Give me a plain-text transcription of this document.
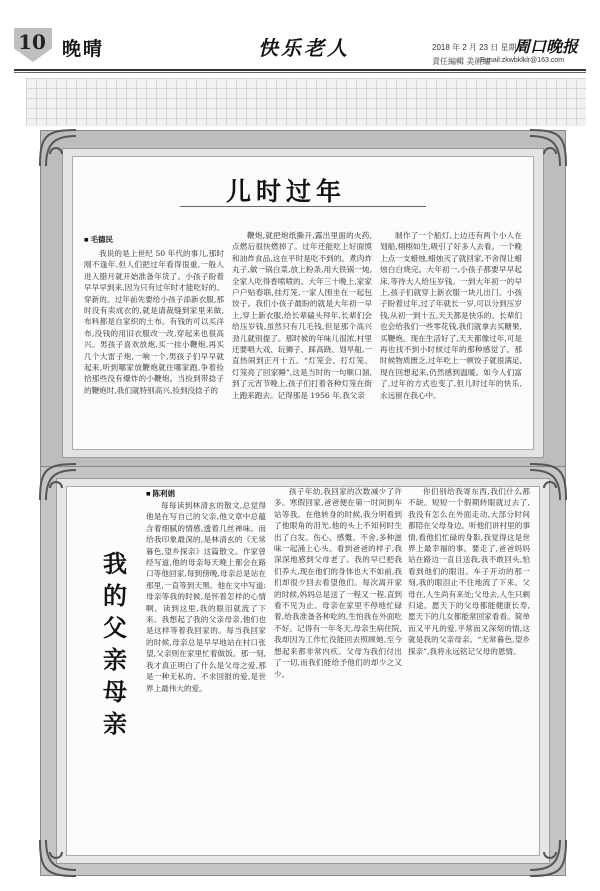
10 晚晴	快乐老人	2018 年 2 月 23 日 星期五
責任編輯 美術編
周口晚报
E-mail:zkwbklklr@163.com
儿时过年
■ 毛德民

我说的是上世纪 50 年代的事儿,那时刚不逢年,但人们把过年看得很重,一般人进入腊月就开始准备年货了。小孩子盼着早早早到来,因为只有过年时才能吃好的、穿新的。过年前先要给小孩子添新衣服,那时没有卖成衣的,就是请裁缝到家里来做,布料都是自家织的土布。有钱的可以买洋布,没钱的用旧衣服改一改,穿起来也很高兴。男孩子喜欢放炮,买一挂小鞭炮,再买几个大雷子炮,一响一个,男孩子们早早就起来,听到哪家放鞭炮就往哪家跑,争着捡拾那些没有爆炸的小鞭炮。当捡到带捻子的鞭炮时,我们就特别高兴,捡到没捻子的

鞭炮,就把炮纸撕开,露出里面的火药,点燃后很快燃掉了。过年还能吃上好面馍和油炸食品,这在平时是吃不到的。煮肉炸丸子,做一锅白菜,放上粉条,用大铁锅一炖,全家人吃得香喷喷的。大年三十晚上,家家户户贴春联,挂灯笼,一家人围坐在一起包饺子。我们小孩子最盼的就是大年初一早上,穿上新衣服,给长辈磕头拜年,长辈们会给压岁钱,虽然只有几毛钱,但是那个高兴劲儿就别提了。那时候的年味儿很浓,村里还要唱大戏、玩狮子、踩高跷、划旱船,一直热闹到正月十五。“灯笼会、打灯笼、灯笼亮了回家睡”,这是当时的一句顺口溜,到了元宵节晚上,孩子们打着各种灯笼在街上跑来跑去。记得那是 1956 年,我父亲

制作了一个船灯,上边还有两个小人在划船,栩栩如生,吸引了好多人去看。一个晚上点一支蜡烛,蜡烛灭了就回家,不舍得让蜡烛白白烧完。大年初一,小孩子都要早早起床,等待大人给压岁钱。一到大年初一的早上,孩子们就穿上新衣服一块儿出门。小孩子盼着过年,过了年就长一岁,可以分到压岁钱,从初一到十五,天天都是快乐的。长辈们也会给我们一些零花钱,我们就拿去买糖果,买鞭炮。现在生活好了,天天都像过年,可是再也找不到小时候过年的那种感觉了。那时候物质匮乏,过年吃上一顿饺子就很满足,现在回想起来,仍然感到温暖。如今人们富了,过年的方式也变了,但儿时过年的快乐,永远留在我心中。

我的父亲母亲
■ 陈利娟

每每读到林清玄的散文,总觉得他是在写自己的父亲,他文章中总蕴含着细腻的情感,透着几丝禅味。而给我印象最深的,是林清玄的《无常暮色,望乡探亲》这篇散文。作家曾经写道,他的母亲每天晚上都会在路口等他回家,每到傍晚,母亲总是站在那里,一直等到天黑。他在文中写道:母亲等我的时候,是怀着怎样的心情啊。读到这里,我的眼泪就流了下来。我想起了我的父亲母亲,他们也是这样等着我回家的。每当我回家的时候,母亲总是早早地站在村口张望,父亲则在家里忙着做饭。那一刻,我才真正明白了什么是父母之爱,那是一种无私的、不求回报的爱,是世界上最伟大的爱。

孩子年幼,我回家的次数减少了许多。寒假回家,爸爸便在第一时间到车站等我。在他转身的时候,我分明看到了他眼角的泪光,他的头上不知何时生出了白发。伤心、感慨、不舍,多种滋味一起涌上心头。看到爸爸的样子,我深深地感到父母老了。我的早已把我们养大,现在他们的身体也大不如前,我们却很少回去看望他们。每次离开家的时候,妈妈总是送了一程又一程,直到看不见为止。母亲在家里不停地忙碌着,给我准备各种吃的,生怕我在外面吃不好。记得有一年冬天,母亲生病住院,我却因为工作忙没能回去照顾她,至今想起来都非常内疚。父母为我们付出了一切,而我们能给予他们的却少之又少。

你们别给我寄东西,我们什么都不缺。短短一个假期转眼就过去了,我没有怎么在外面走动,大部分时间都陪在父母身边。听他们讲村里的事情,看他们忙碌的身影,我觉得这是世界上最幸福的事。要走了,爸爸妈妈站在路边一直目送我,我不敢回头,怕看到他们的眼泪。车子开动的那一刻,我的眼泪止不住地流了下来。父母在,人生尚有来处;父母去,人生只剩归途。愿天下的父母都能健康长寿,愿天下的儿女都能常回家看看。简单而又平凡的爱,平常而又深刻的情,这就是我的父亲母亲。“无常暮色,望乡探亲”,我将永远铭记父母的恩情。
